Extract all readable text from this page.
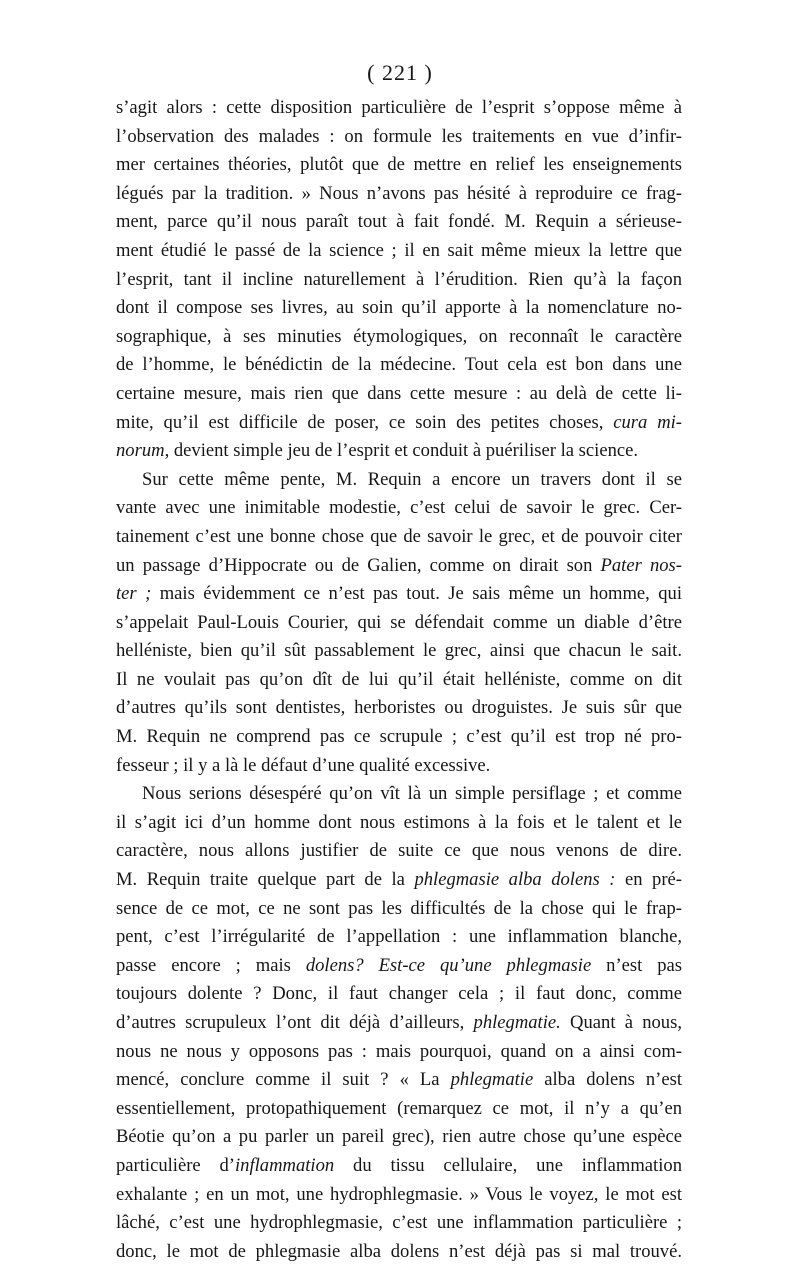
( 221 )
s’agit alors : cette disposition particulière de l’esprit s’oppose même à
l’observation des malades : on formule les traitements en vue d’infir-
mer certaines théories, plutôt que de mettre en relief les enseignements
légués par la tradition. » Nous n’avons pas hésité à reproduire ce frag-
ment, parce qu’il nous paraît tout à fait fondé. M. Requin a sérieuse-
ment étudié le passé de la science ; il en sait même mieux la lettre que
l’esprit, tant il incline naturellement à l’érudition. Rien qu’à la façon
dont il compose ses livres, au soin qu’il apporte à la nomenclature no-
sographique, à ses minuties étymologiques, on reconnaît le caractère
de l’homme, le bénédictin de la médecine. Tout cela est bon dans une
certaine mesure, mais rien que dans cette mesure : au delà de cette li-
mite, qu’il est difficile de poser, ce soin des petites choses, cura mi-
norum, devient simple jeu de l’esprit et conduit à puériliser la science.
Sur cette même pente, M. Requin a encore un travers dont il se
vante avec une inimitable modestie, c’est celui de savoir le grec. Cer-
tainement c’est une bonne chose que de savoir le grec, et de pouvoir citer
un passage d’Hippocrate ou de Galien, comme on dirait son Pater nos-
ter ; mais évidemment ce n’est pas tout. Je sais même un homme, qui
s’appelait Paul-Louis Courier, qui se défendait comme un diable d’être
helléniste, bien qu’il sût passablement le grec, ainsi que chacun le sait.
Il ne voulait pas qu’on dît de lui qu’il était helléniste, comme on dit
d’autres qu’ils sont dentistes, herboristes ou droguistes. Je suis sûr que
M. Requin ne comprend pas ce scrupule ; c’est qu’il est trop né pro-
fesseur ; il y a là le défaut d’une qualité excessive.
Nous serions désespéré qu’on vît là un simple persiflage ; et comme
il s’agit ici d’un homme dont nous estimons à la fois et le talent et le
caractère, nous allons justifier de suite ce que nous venons de dire.
M. Requin traite quelque part de la phlegmasie alba dolens : en pré-
sence de ce mot, ce ne sont pas les difficultés de la chose qui le frap-
pent, c’est l’irrégularité de l’appellation : une inflammation blanche,
passe encore ; mais dolens? Est-ce qu’une phlegmasie n’est pas
toujours dolente ? Donc, il faut changer cela ; il faut donc, comme
d’autres scrupuleux l’ont dit déjà d’ailleurs, phlegmatie. Quant à nous,
nous ne nous y opposons pas : mais pourquoi, quand on a ainsi com-
mencé, conclure comme il suit ? « La phlegmatie alba dolens n’est
essentiellement, protopathiquement (remarquez ce mot, il n’y a qu’en
Béotie qu’on a pu parler un pareil grec), rien autre chose qu’une espèce
particulière d’inflammation du tissu cellulaire, une inflammation
exhalante ; en un mot, une hydrophlegmasie. » Vous le voyez, le mot est
lâché, c’est une hydrophlegmasie, c’est une inflammation particulière ;
donc, le mot de phlegmasie alba dolens n’est déjà pas si mal trouvé.
